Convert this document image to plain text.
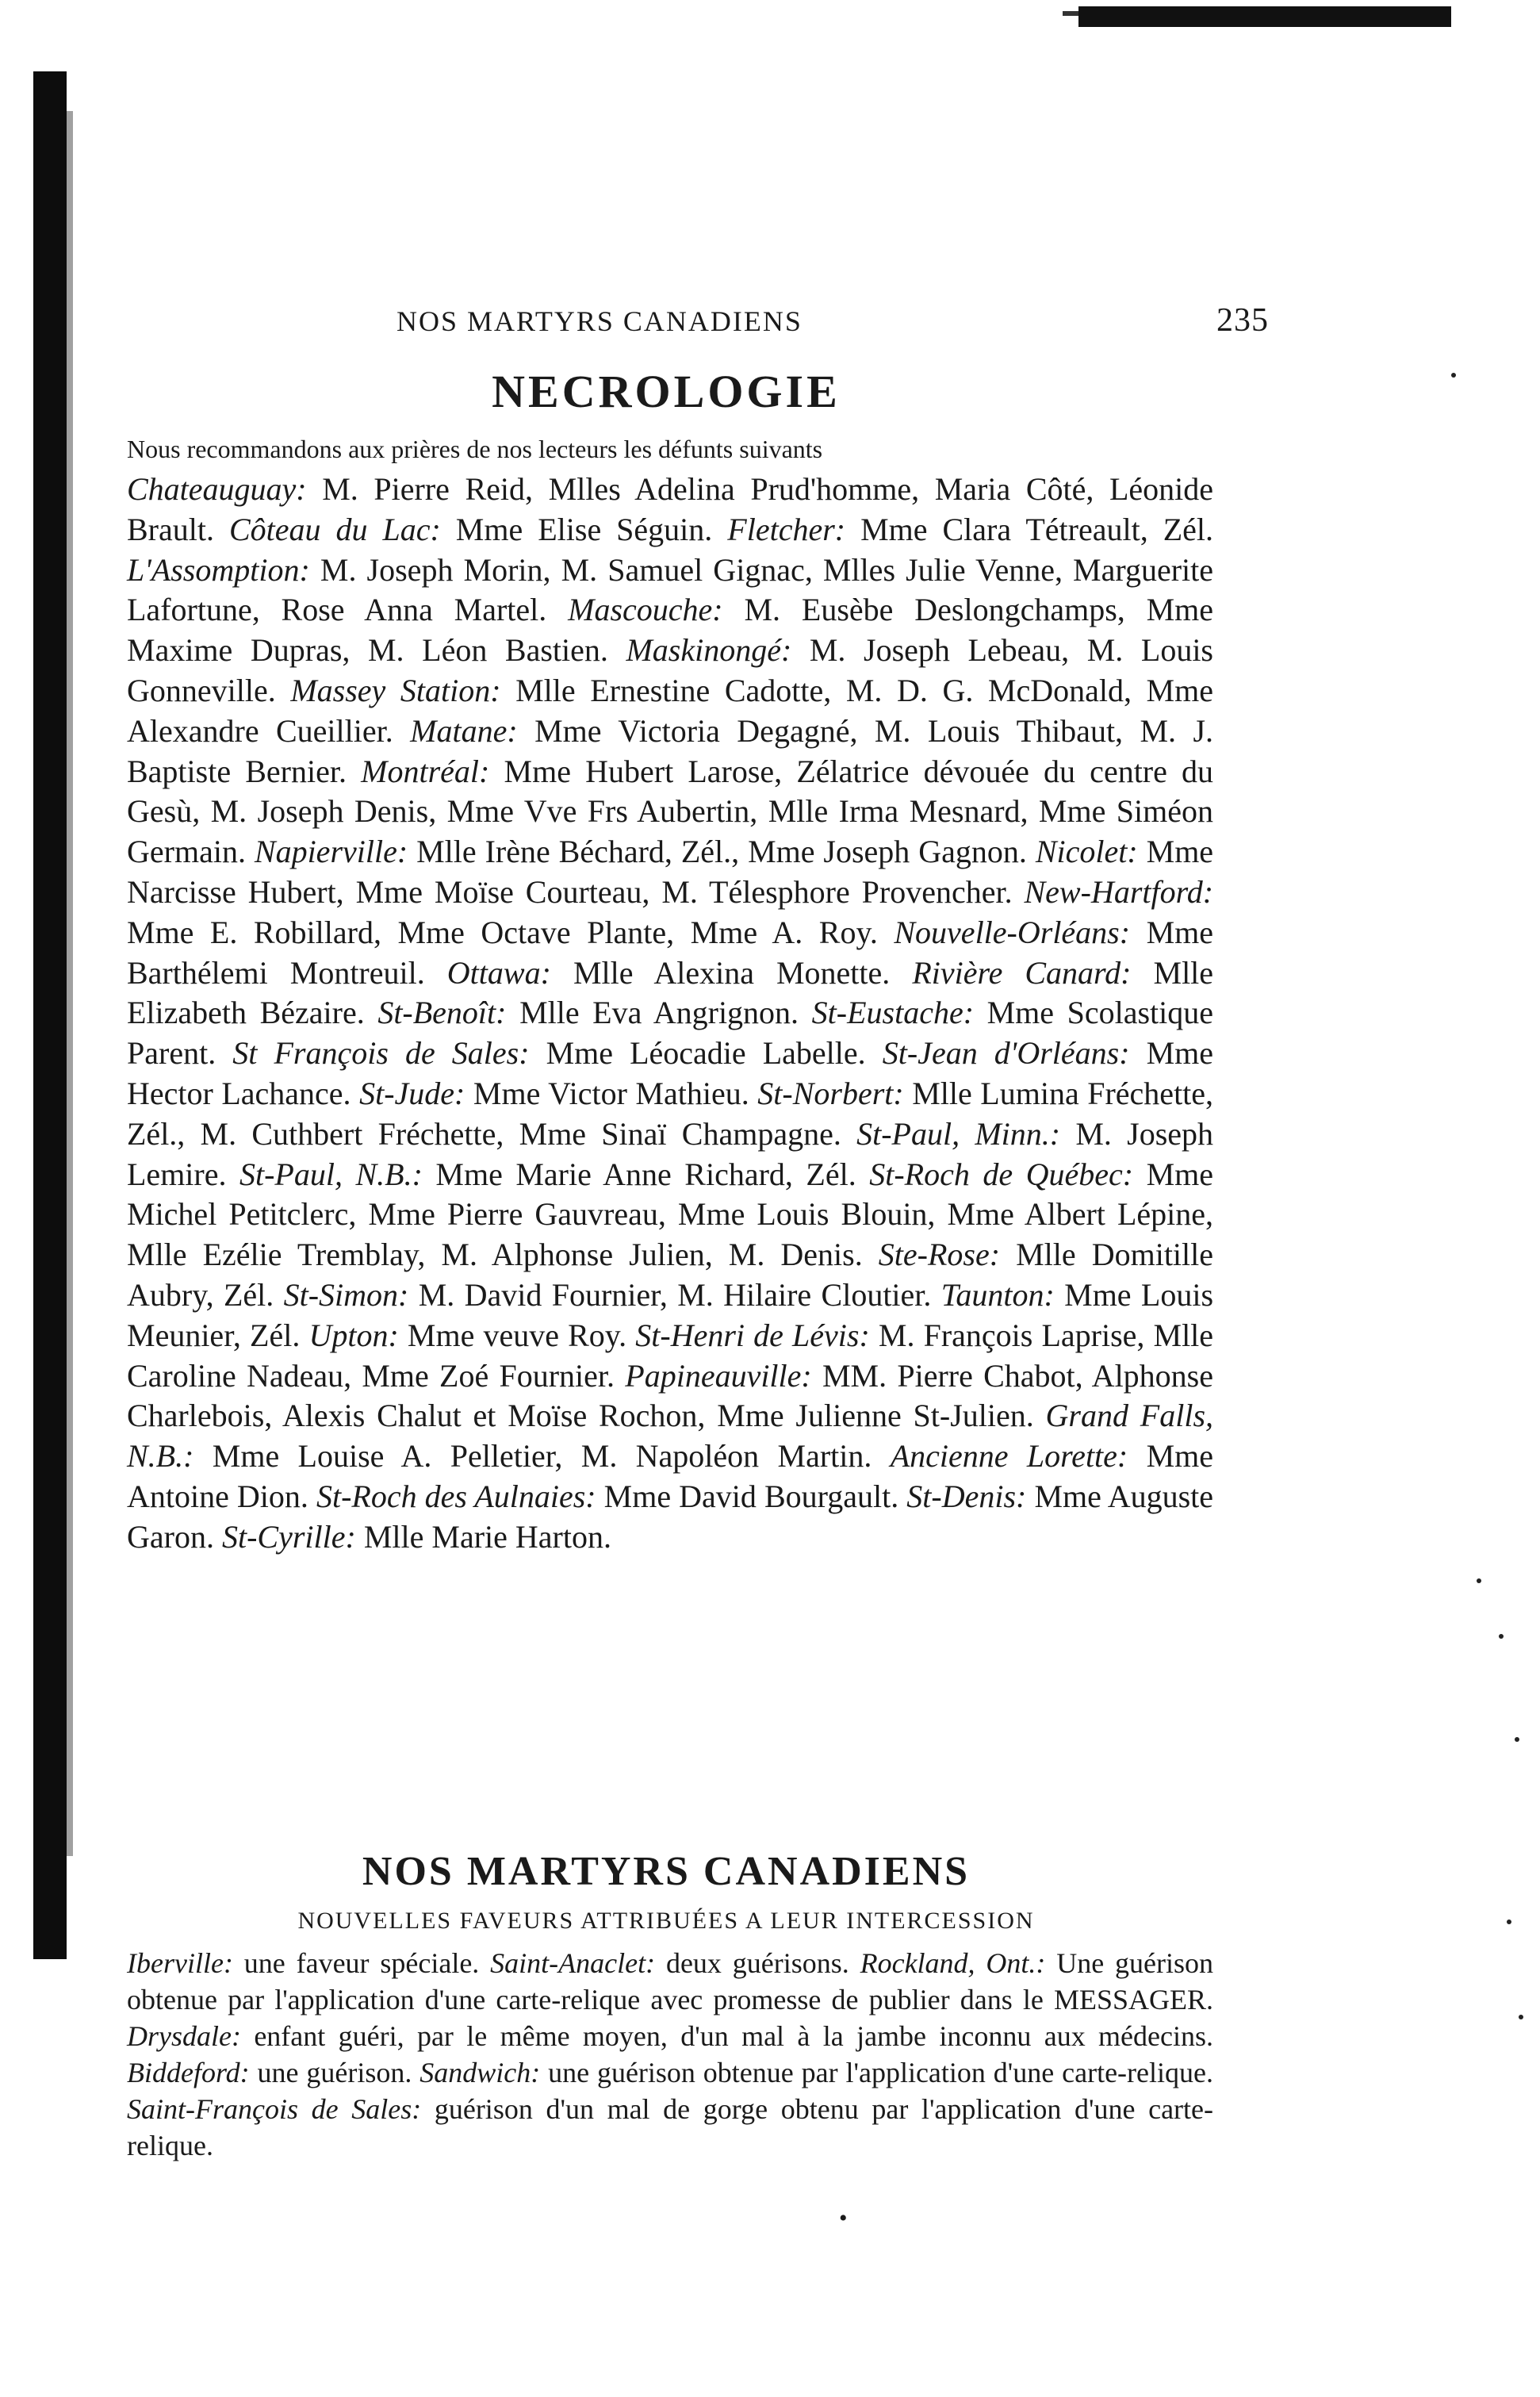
NOS MARTYRS CANADIENS	235
NECROLOGIE
Nous recommandons aux prières de nos lecteurs les défunts suivants
Chateauguay: M. Pierre Reid, Mlles Adelina Prud'homme, Maria Côté, Léonide Brault. Côteau du Lac: Mme Elise Séguin. Fletcher: Mme Clara Tétreault, Zél. L'Assomption: M. Joseph Morin, M. Samuel Gignac, Mlles Julie Venne, Marguerite Lafortune, Rose Anna Martel. Mascouche: M. Eusèbe Deslongchamps, Mme Maxime Dupras, M. Léon Bastien. Maskinongé: M. Joseph Lebeau, M. Louis Gonneville. Massey Station: Mlle Ernestine Cadotte, M. D. G. McDonald, Mme Alexandre Cueillier. Matane: Mme Victoria Degagné, M. Louis Thibaut, M. J. Baptiste Bernier. Montréal: Mme Hubert Larose, Zélatrice dévouée du centre du Gesù, M. Joseph Denis, Mme Vve Frs Aubertin, Mlle Irma Mesnard, Mme Siméon Germain. Napierville: Mlle Irène Béchard, Zél., Mme Joseph Gagnon. Nicolet: Mme Narcisse Hubert, Mme Moïse Courteau, M. Télesphore Provencher. New-Hartford: Mme E. Robillard, Mme Octave Plante, Mme A. Roy. Nouvelle-Orléans: Mme Barthélemi Montreuil. Ottawa: Mlle Alexina Monette. Rivière Canard: Mlle Elizabeth Bézaire. St-Benoît: Mlle Eva Angrignon. St-Eustache: Mme Scolastique Parent. St François de Sales: Mme Léocadie Labelle. St-Jean d'Orléans: Mme Hector Lachance. St-Jude: Mme Victor Mathieu. St-Norbert: Mlle Lumina Fréchette, Zél., M. Cuthbert Fréchette, Mme Sinaï Champagne. St-Paul, Minn.: M. Joseph Lemire. St-Paul, N.B.: Mme Marie Anne Richard, Zél. St-Roch de Québec: Mme Michel Petitclerc, Mme Pierre Gauvreau, Mme Louis Blouin, Mme Albert Lépine, Mlle Ezélie Tremblay, M. Alphonse Julien, M. Denis. Ste-Rose: Mlle Domitille Aubry, Zél. St-Simon: M. David Fournier, M. Hilaire Cloutier. Taunton: Mme Louis Meunier, Zél. Upton: Mme veuve Roy. St-Henri de Lévis: M. François Laprise, Mlle Caroline Nadeau, Mme Zoé Fournier. Papineauville: MM. Pierre Chabot, Alphonse Charlebois, Alexis Chalut et Moïse Rochon, Mme Julienne St-Julien. Grand Falls, N.B.: Mme Louise A. Pelletier, M. Napoléon Martin. Ancienne Lorette: Mme Antoine Dion. St-Roch des Aulnaies: Mme David Bourgault. St-Denis: Mme Auguste Garon. St-Cyrille: Mlle Marie Harton.
NOS MARTYRS CANADIENS
NOUVELLES FAVEURS ATTRIBUÉES A LEUR INTERCESSION
Iberville: une faveur spéciale. Saint-Anaclet: deux guérisons. Rockland, Ont.: Une guérison obtenue par l'application d'une carte-relique avec promesse de publier dans le MESSAGER. Drysdale: enfant guéri, par le même moyen, d'un mal à la jambe inconnu aux médecins. Biddeford: une guérison. Sandwich: une guérison obtenue par l'application d'une carte-relique. Saint-François de Sales: guérison d'un mal de gorge obtenu par l'application d'une carte-relique.
•
